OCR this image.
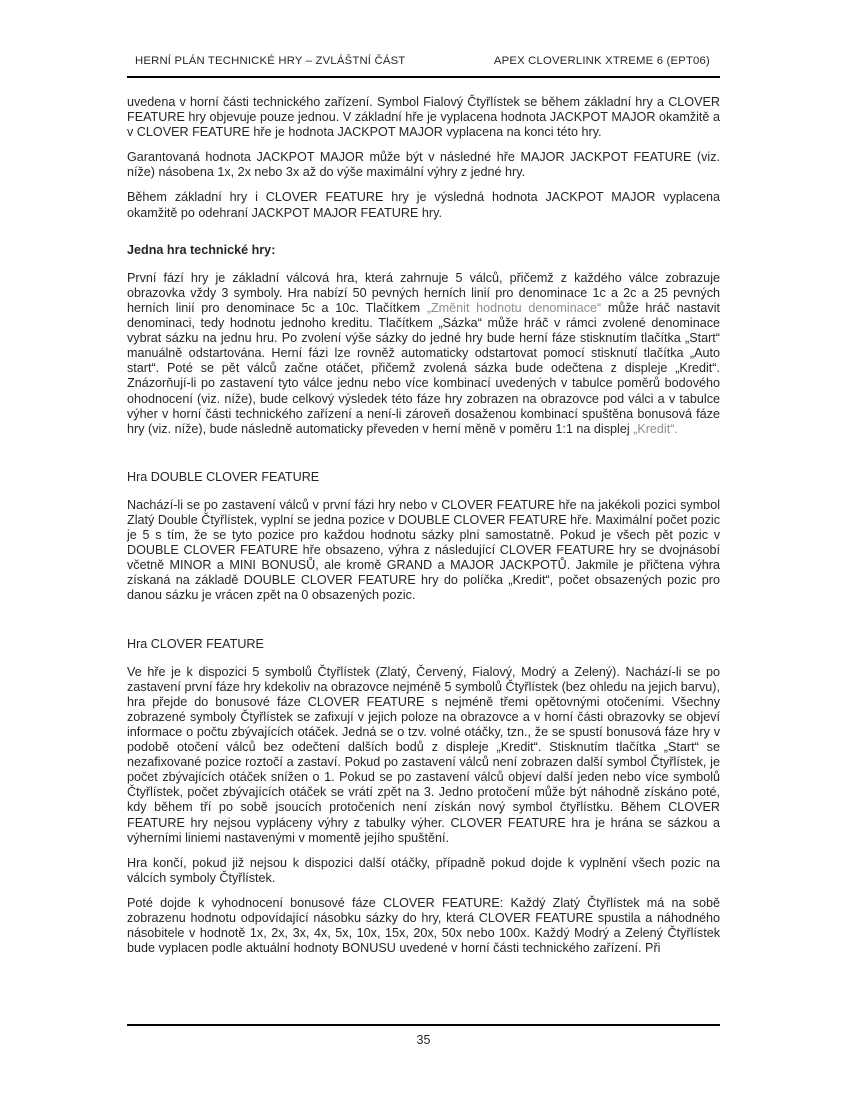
HERNÍ PLÁN TECHNICKÉ HRY – ZVLÁŠTNÍ ČÁST	APEX CLOVERLINK XTREME 6 (EPT06)

uvedena v horní části technického zařízení. Symbol Fialový Čtyřlístek se během základní hry a CLOVER FEATURE hry objevuje pouze jednou. V základní hře je vyplacena hodnota JACKPOT MAJOR okamžitě a v CLOVER FEATURE hře je hodnota JACKPOT MAJOR vyplacena na konci této hry.

Garantovaná hodnota JACKPOT MAJOR může být v následné hře MAJOR JACKPOT FEATURE (viz. níže) násobena 1x, 2x nebo 3x až do výše maximální výhry z jedné hry.

Během základní hry i CLOVER FEATURE hry je výsledná hodnota JACKPOT MAJOR vyplacena okamžitě po odehraní JACKPOT MAJOR FEATURE hry.

Jedna hra technické hry:

První fází hry je základní válcová hra, která zahrnuje 5 válců, přičemž z každého válce zobrazuje obrazovka vždy 3 symboly. Hra nabízí 50 pevných herních linií pro denominace 1c a 2c a 25 pevných herních linií pro denominace 5c a 10c. Tlačítkem „Změnit hodnotu denominace“ může hráč nastavit denominaci, tedy hodnotu jednoho kreditu. Tlačítkem „Sázka“ může hráč v rámci zvolené denominace vybrat sázku na jednu hru. Po zvolení výše sázky do jedné hry bude herní fáze stisknutím tlačítka „Start“ manuálně odstartována. Herní fázi lze rovněž automaticky odstartovat pomocí stisknutí tlačítka „Auto start“. Poté se pět válců začne otáčet, přičemž zvolená sázka bude odečtena z displeje „Kredit“. Znázorňují-li po zastavení tyto válce jednu nebo více kombinací uvedených v tabulce poměrů bodového ohodnocení (viz. níže), bude celkový výsledek této fáze hry zobrazen na obrazovce pod válci a v tabulce výher v horní části technického zařízení a není-li zároveň dosaženou kombinací spuštěna bonusová fáze hry (viz. níže), bude následně automaticky převeden v herní měně v poměru 1:1 na displej „Kredit“.

Hra DOUBLE CLOVER FEATURE

Nachází-li se po zastavení válců v první fázi hry nebo v CLOVER FEATURE hře na jakékoli pozici symbol Zlatý Double Čtyřlístek, vyplní se jedna pozice v DOUBLE CLOVER FEATURE hře. Maximální počet pozic je 5 s tím, že se tyto pozice pro každou hodnotu sázky plní samostatně. Pokud je všech pět pozic v DOUBLE CLOVER FEATURE hře obsazeno, výhra z následující CLOVER FEATURE hry se dvojnásobí včetně MINOR a MINI BONUSŮ, ale kromě GRAND a MAJOR JACKPOTŮ. Jakmile je přičtena výhra získaná na základě DOUBLE CLOVER FEATURE hry do políčka „Kredit“, počet obsazených pozic pro danou sázku je vrácen zpět na 0 obsazených pozic.

Hra CLOVER FEATURE

Ve hře je k dispozici 5 symbolů Čtyřlístek (Zlatý, Červený, Fialový, Modrý a Zelený). Nachází-li se po zastavení první fáze hry kdekoliv na obrazovce nejméně 5 symbolů Čtyřlístek (bez ohledu na jejich barvu), hra přejde do bonusové fáze CLOVER FEATURE s nejméně třemi opětovnými otočeními. Všechny zobrazené symboly Čtyřlístek se zafixují v jejich poloze na obrazovce a v horní části obrazovky se objeví informace o počtu zbývajících otáček. Jedná se o tzv. volné otáčky, tzn., že se spustí bonusová fáze hry v podobě otočení válců bez odečtení dalších bodů z displeje „Kredit“. Stisknutím tlačítka „Start“ se nezafixované pozice roztočí a zastaví. Pokud po zastavení válců není zobrazen další symbol Čtyřlístek, je počet zbývajících otáček snížen o 1. Pokud se po zastavení válců objeví další jeden nebo více symbolů Čtyřlístek, počet zbývajících otáček se vrátí zpět na 3. Jedno protočení může být náhodně získáno poté, kdy během tří po sobě jsoucích protočeních není získán nový symbol čtyřlístku. Během CLOVER FEATURE hry nejsou vypláceny výhry z tabulky výher. CLOVER FEATURE hra je hrána se sázkou a výherními liniemi nastavenými v momentě jejího spuštění.

Hra končí, pokud již nejsou k dispozici další otáčky, případně pokud dojde k vyplnění všech pozic na válcích symboly Čtyřlístek.

Poté dojde k vyhodnocení bonusové fáze CLOVER FEATURE: Každý Zlatý Čtyřlístek má na sobě zobrazenu hodnotu odpovídající násobku sázky do hry, která CLOVER FEATURE spustila a náhodného násobitele v hodnotě 1x, 2x, 3x, 4x, 5x, 10x, 15x, 20x, 50x nebo 100x. Každý Modrý a Zelený Čtyřlístek bude vyplacen podle aktuální hodnoty BONUSU uvedené v horní části technického zařízení. Při

35
